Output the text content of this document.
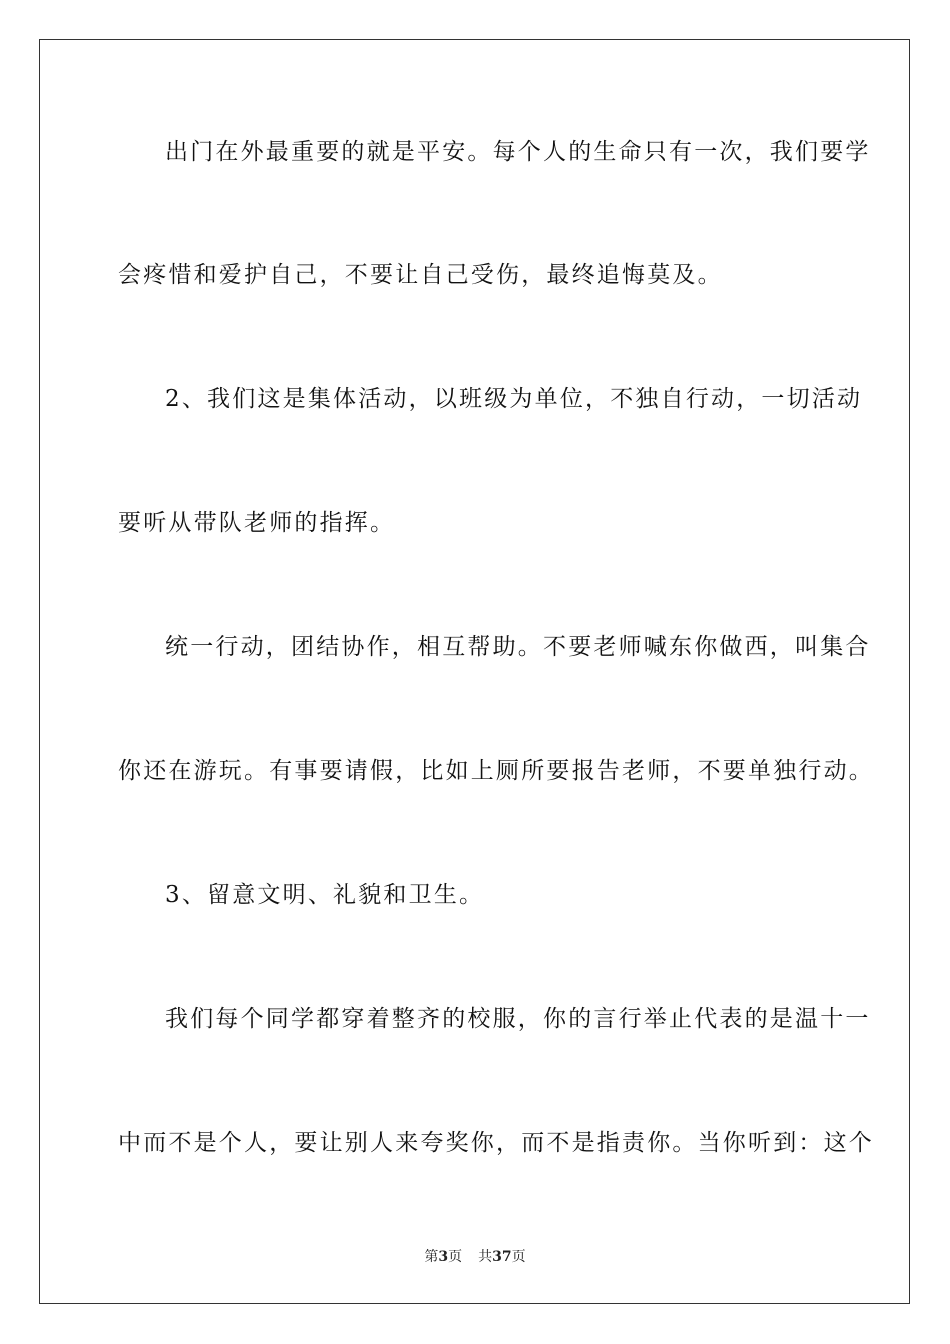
出门在外最重要的就是平安。每个人的生命只有一次，我们要学
会疼惜和爱护自己，不要让自己受伤，最终追悔莫及。
2、我们这是集体活动，以班级为单位，不独自行动，一切活动
要听从带队老师的指挥。
统一行动，团结协作，相互帮助。不要老师喊东你做西，叫集合
你还在游玩。有事要请假，比如上厕所要报告老师，不要单独行动。
3、留意文明、礼貌和卫生。
我们每个同学都穿着整齐的校服，你的言行举止代表的是温十一
中而不是个人，要让别人来夸奖你，而不是指责你。当你听到：这个
第3页 共37页
